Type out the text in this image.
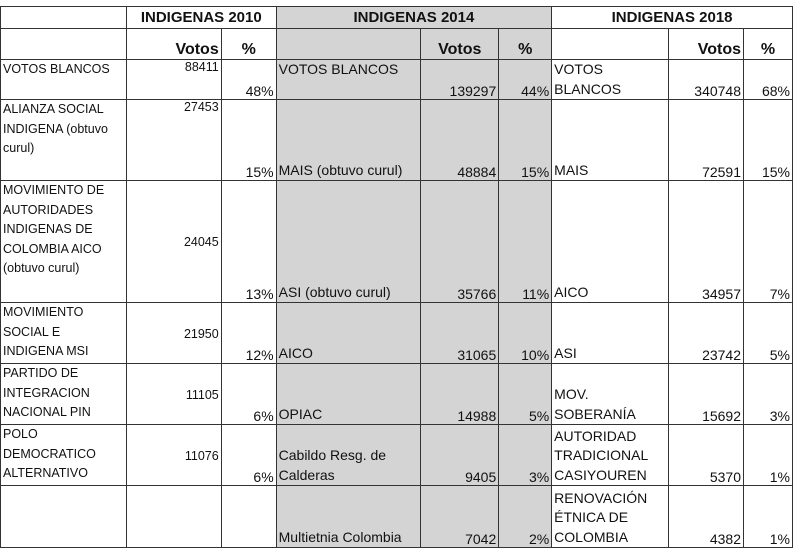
	INDIGENAS 2010		INDIGENAS 2014			INDIGENAS 2018		
	Votos	%		Votos	%		Votos	%
VOTOS BLANCOS	88411	48%	VOTOS BLANCOS	139297	44%	VOTOS BLANCOS	340748	68%
ALIANZA SOCIAL INDIGENA (obtuvo curul)	27453	15%	MAIS (obtuvo curul)	48884	15%	MAIS	72591	15%
MOVIMIENTO DE AUTORIDADES INDIGENAS DE COLOMBIA AICO (obtuvo curul)	24045	13%	ASI (obtuvo curul)	35766	11%	AICO	34957	7%
MOVIMIENTO SOCIAL E INDIGENA MSI	21950	12%	AICO	31065	10%	ASI	23742	5%
PARTIDO DE INTEGRACION NACIONAL PIN	11105	6%	OPIAC	14988	5%	MOV. SOBERANÍA	15692	3%
POLO DEMOCRATICO ALTERNATIVO	11076	6%	Cabildo Resg. de Calderas	9405	3%	AUTORIDAD TRADICIONAL CASIYOUREN	5370	1%
			Multietnia Colombia	7042	2%	RENOVACIÓN ÉTNICA DE COLOMBIA	4382	1%
